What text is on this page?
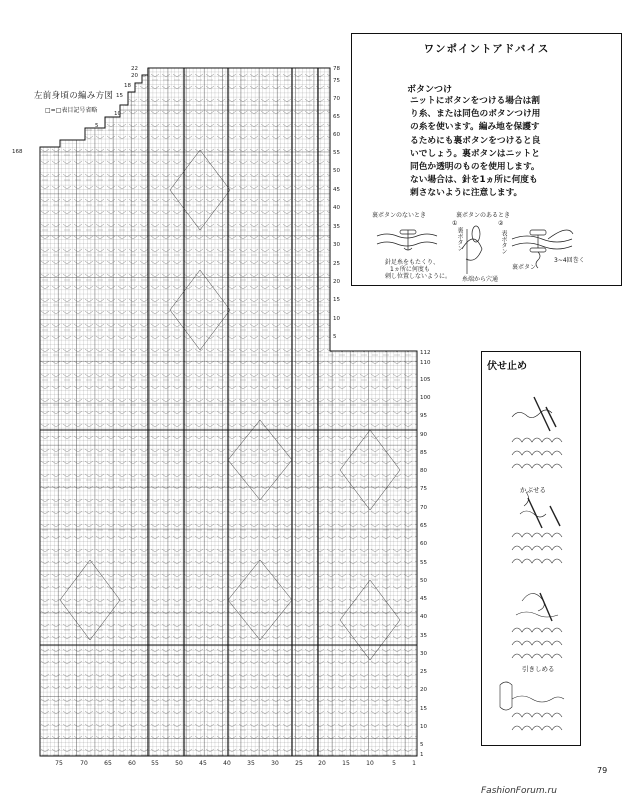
左前身頃の編み方図
□=□表目記号省略
22
20
18
15
10
5
168
78
75
70
65
60
55
50
45
40
35
30
25
20
15
10
5
112
110
105
100
95
90
85
80
75
70
65
60
55
50
45
40
35
30
25
20
15
10
5
1
75	70	65	60	55	50	45	40	35	30	25	20	15	10	5	1
ワンポイントアドバイス
ボタンつけ
ニットにボタンをつける場合は割
り糸、または同色のボタンつけ用
の糸を使います。編み地を保護す
るためにも裏ボタンをつけると良
いでしょう。裏ボタンはニットと
同色か透明のものを使用します。
ない場合は、針を1ヵ所に何度も
刺さないように注意します。
裏ボタンのないとき	裏ボタンのあるとき
①	②
針足糸をもたくり、
1ヵ所に何度も
刺し位置しないように。
裏ボタン
糸端から穴通
表ボタン
3~4回巻く
裏ボタン
伏せ止め
かぶせる
引きしめる
79
FashionForum.ru
